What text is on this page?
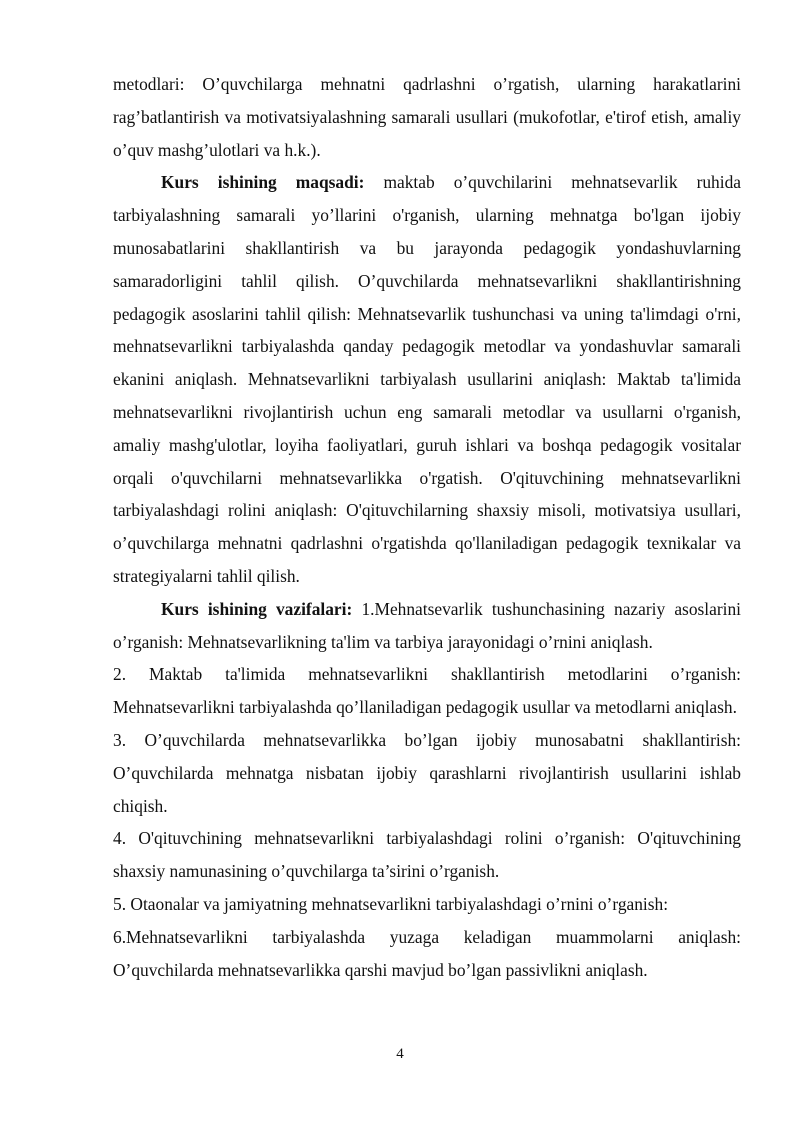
metodlari: O’quvchilarga mehnatni qadrlashni o’rgatish, ularning harakatlarini rag’batlantirish va motivatsiyalashning samarali usullari (mukofotlar, e'tirof etish, amaliy o’quv mashg’ulotlari va h.k.).

Kurs ishining maqsadi: maktab o’quvchilarini mehnatsevarlik ruhida tarbiyalashning samarali yo’llarini o'rganish, ularning mehnatga bo'lgan ijobiy munosabatlarini shakllantirish va bu jarayonda pedagogik yondashuvlarning samaradorligini tahlil qilish. O’quvchilarda mehnatsevarlikni shakllantirishning pedagogik asoslarini tahlil qilish: Mehnatsevarlik tushunchasi va uning ta'limdagi o'rni, mehnatsevarlikni tarbiyalashda qanday pedagogik metodlar va yondashuvlar samarali ekanini aniqlash. Mehnatsevarlikni tarbiyalash usullarini aniqlash: Maktab ta'limida mehnatsevarlikni rivojlantirish uchun eng samarali metodlar va usullarni o'rganish, amaliy mashg'ulotlar, loyiha faoliyatlari, guruh ishlari va boshqa pedagogik vositalar orqali o'quvchilarni mehnatsevarlikka o'rgatish. O'qituvchining mehnatsevarlikni tarbiyalashdagi rolini aniqlash: O'qituvchilarning shaxsiy misoli, motivatsiya usullari, o’quvchilarga mehnatni qadrlashni o'rgatishda qo'llaniladigan pedagogik texnikalar va strategiyalarni tahlil qilish.

Kurs ishining vazifalari: 1.Mehnatsevarlik tushunchasining nazariy asoslarini o’rganish: Mehnatsevarlikning ta'lim va tarbiya jarayonidagi o’rnini aniqlash.

2. Maktab ta'limida mehnatsevarlikni shakllantirish metodlarini o’rganish: Mehnatsevarlikni tarbiyalashda qo’llaniladigan pedagogik usullar va metodlarni aniqlash.

3. O’quvchilarda mehnatsevarlikka bo’lgan ijobiy munosabatni shakllantirish: O’quvchilarda mehnatga nisbatan ijobiy qarashlarni rivojlantirish usullarini ishlab chiqish.

4. O'qituvchining mehnatsevarlikni tarbiyalashdagi rolini o’rganish: O'qituvchining shaxsiy namunasining o’quvchilarga ta’sirini o’rganish.

5. Otaonalar va jamiyatning mehnatsevarlikni tarbiyalashdagi o’rnini o’rganish:

6.Mehnatsevarlikni tarbiyalashda yuzaga keladigan muammolarni aniqlash: O’quvchilarda mehnatsevarlikka qarshi mavjud bo’lgan passivlikni aniqlash.

4
